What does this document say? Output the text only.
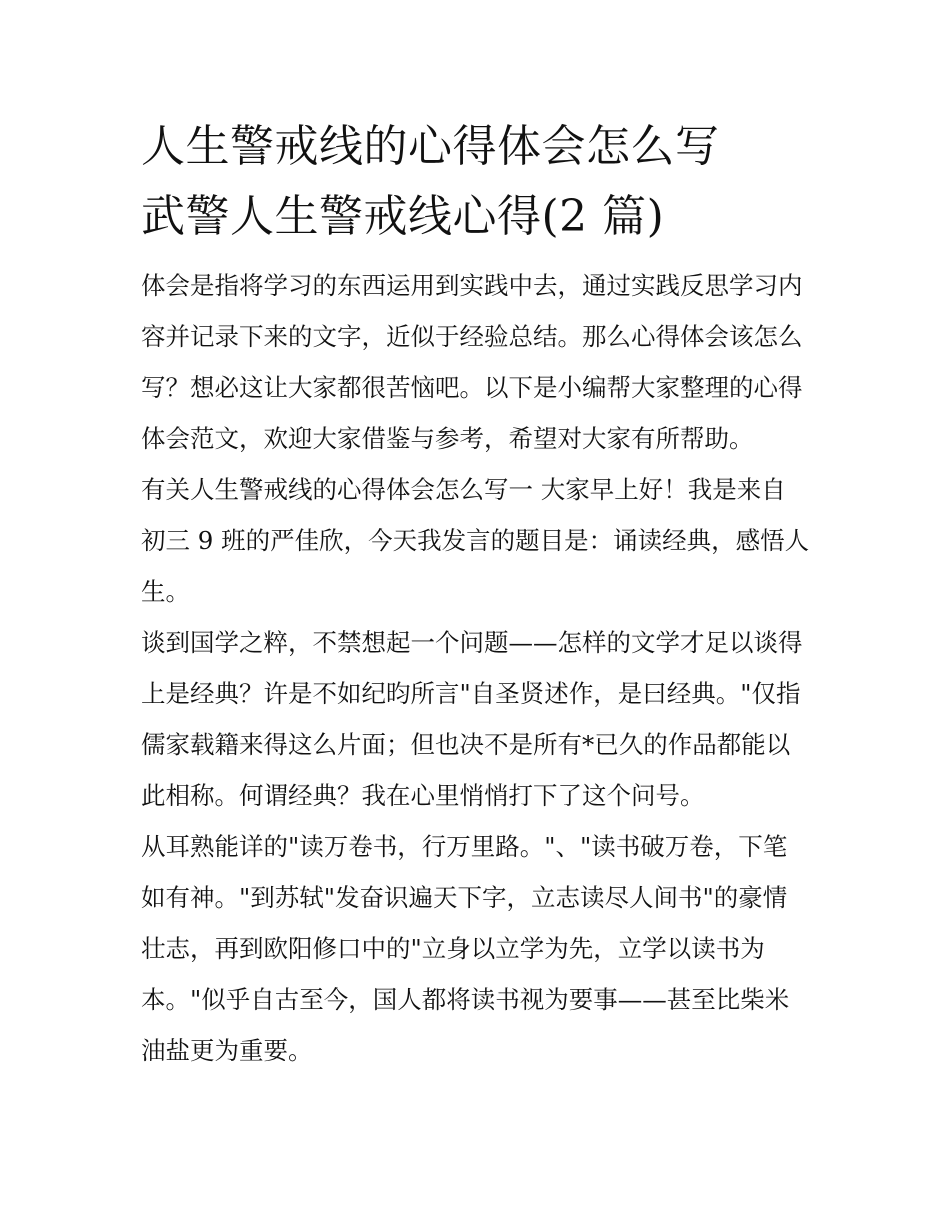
人生警戒线的心得体会怎么写
武警人生警戒线心得(2 篇)

体会是指将学习的东西运用到实践中去，通过实践反思学习内
容并记录下来的文字，近似于经验总结。那么心得体会该怎么
写？想必这让大家都很苦恼吧。以下是小编帮大家整理的心得
体会范文，欢迎大家借鉴与参考，希望对大家有所帮助。

有关人生警戒线的心得体会怎么写一 大家早上好！我是来自
初三 9 班的严佳欣，今天我发言的题目是：诵读经典，感悟人
生。

谈到国学之粹，不禁想起一个问题——怎样的文学才足以谈得
上是经典？许是不如纪昀所言"自圣贤述作，是曰经典。"仅指
儒家载籍来得这么片面；但也决不是所有*已久的作品都能以
此相称。何谓经典？我在心里悄悄打下了这个问号。

从耳熟能详的"读万卷书，行万里路。"、"读书破万卷，下笔
如有神。"到苏轼"发奋识遍天下字，立志读尽人间书"的豪情
壮志，再到欧阳修口中的"立身以立学为先，立学以读书为
本。"似乎自古至今，国人都将读书视为要事——甚至比柴米
油盐更为重要。
